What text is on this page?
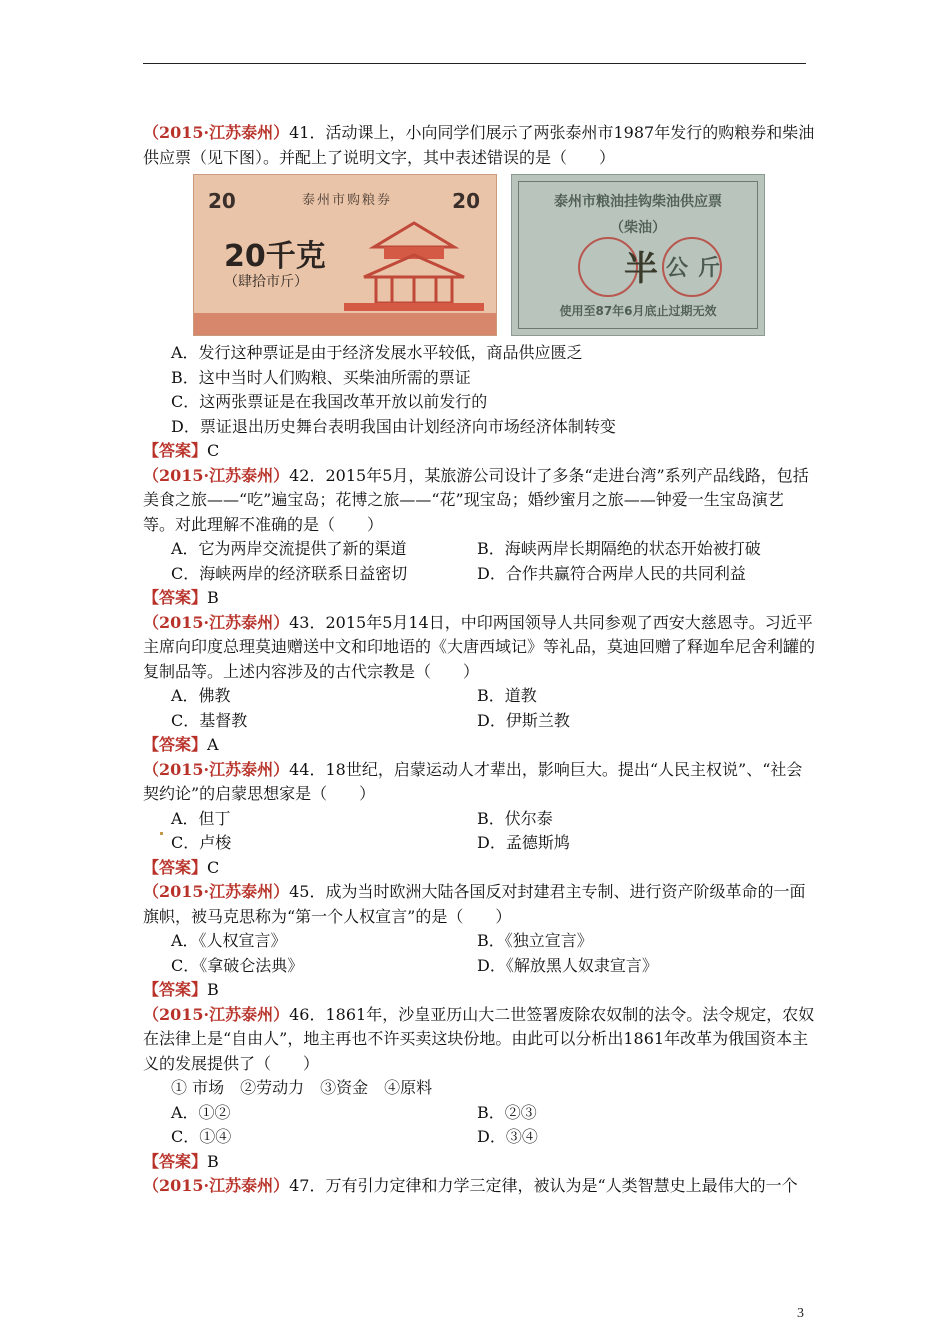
（2015·江苏泰州）41．活动课上，小向同学们展示了两张泰州市1987年发行的购粮券和柴油供应票（见下图）。并配上了说明文字，其中表述错误的是（　　）

20	20
泰州市购粮券
20千克
（肆拾市斤）
泰州市粮油挂钩柴油供应票
（柴油）
半 公斤
使用至87年6月底止过期无效

A．发行这种票证是由于经济发展水平较低，商品供应匮乏

B．这中当时人们购粮、买柴油所需的票证

C．这两张票证是在我国改革开放以前发行的

D．票证退出历史舞台表明我国由计划经济向市场经济体制转变

【答案】C

（2015·江苏泰州）42．2015年5月，某旅游公司设计了多条“走进台湾”系列产品线路，包括美食之旅——“吃”遍宝岛；花博之旅——“花”现宝岛；婚纱蜜月之旅——钟爱一生宝岛演艺等。对此理解不准确的是（　　）

A．它为两岸交流提供了新的渠道	B．海峡两岸长期隔绝的状态开始被打破
C．海峡两岸的经济联系日益密切	D．合作共赢符合两岸人民的共同利益

【答案】B

（2015·江苏泰州）43．2015年5月14日，中印两国领导人共同参观了西安大慈恩寺。习近平主席向印度总理莫迪赠送中文和印地语的《大唐西域记》等礼品，莫迪回赠了释迦牟尼舍利罐的复制品等。上述内容涉及的古代宗教是（　　）

A．佛教	B．道教
C．基督教	D．伊斯兰教

【答案】A

（2015·江苏泰州）44．18世纪，启蒙运动人才辈出，影响巨大。提出“人民主权说”、“社会契约论”的启蒙思想家是（　　）

A．但丁	B．伏尔泰
C．卢梭	D．孟德斯鸠

【答案】C

（2015·江苏泰州）45．成为当时欧洲大陆各国反对封建君主专制、进行资产阶级革命的一面旗帜，被马克思称为“第一个人权宣言”的是（　　）

A．《人权宣言》	B．《独立宣言》
C．《拿破仑法典》	D．《解放黑人奴隶宣言》

【答案】B

（2015·江苏泰州）46．1861年，沙皇亚历山大二世签署废除农奴制的法令。法令规定，农奴在法律上是“自由人”，地主再也不许买卖这块份地。由此可以分析出1861年改革为俄国资本主义的发展提供了（　　）

① 市场　②劳动力　③资金　④原料

A．①②	B．②③
C．①④	D．③④

【答案】B

（2015·江苏泰州）47．万有引力定律和力学三定律，被认为是“人类智慧史上最伟大的一个

3
